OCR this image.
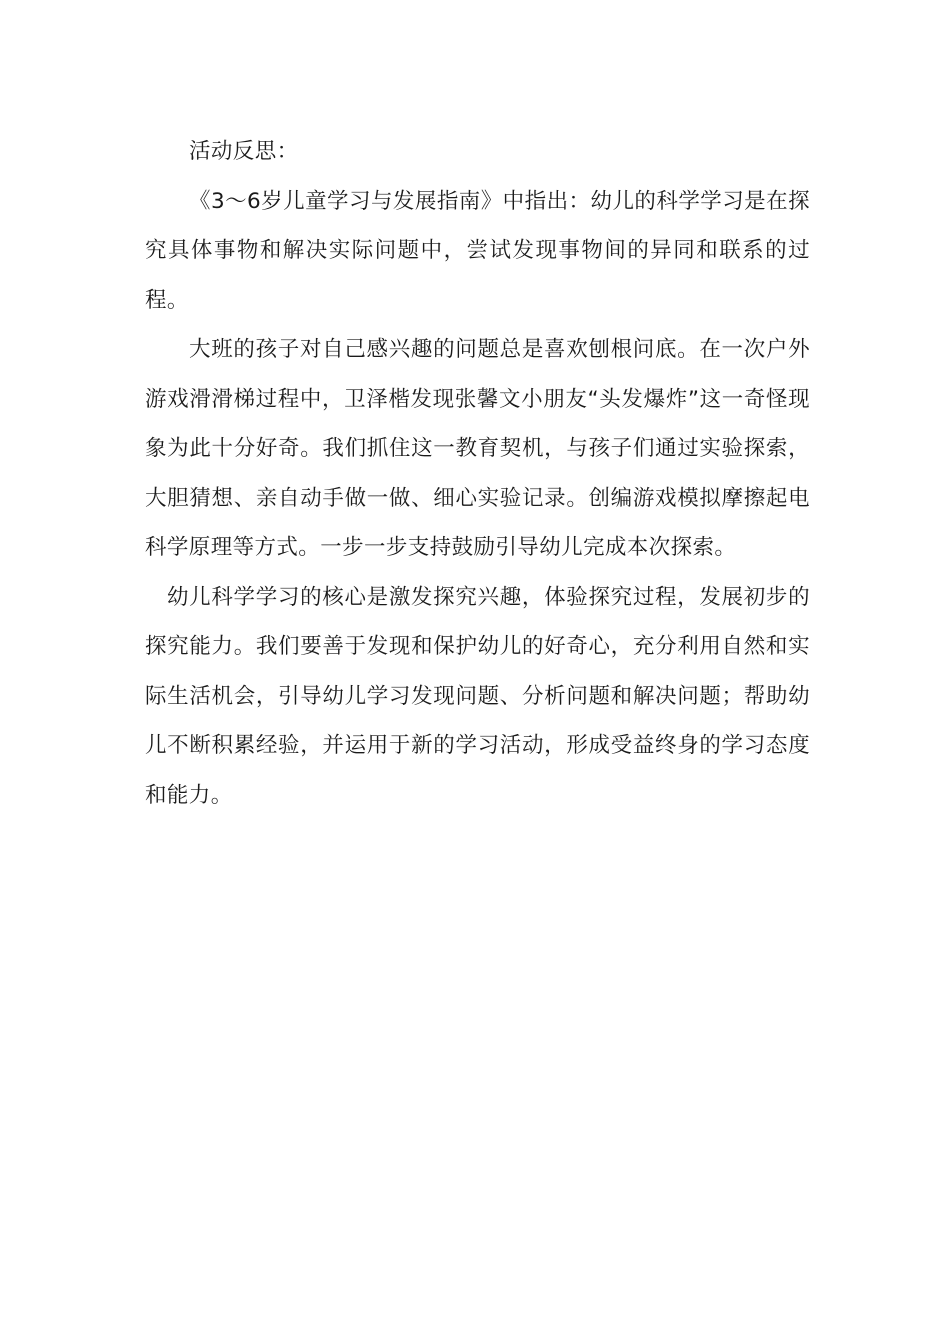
活动反思：

《3～6岁儿童学习与发展指南》中指出：幼儿的科学学习是在探究具体事物和解决实际问题中，尝试发现事物间的异同和联系的过程。

大班的孩子对自己感兴趣的问题总是喜欢刨根问底。在一次户外游戏滑滑梯过程中，卫泽楷发现张馨文小朋友“头发爆炸”这一奇怪现象为此十分好奇。我们抓住这一教育契机，与孩子们通过实验探索，大胆猜想、亲自动手做一做、细心实验记录。创编游戏模拟摩擦起电科学原理等方式。一步一步支持鼓励引导幼儿完成本次探索。

幼儿科学学习的核心是激发探究兴趣，体验探究过程，发展初步的探究能力。我们要善于发现和保护幼儿的好奇心，充分利用自然和实际生活机会，引导幼儿学习发现问题、分析问题和解决问题；帮助幼儿不断积累经验，并运用于新的学习活动，形成受益终身的学习态度和能力。
